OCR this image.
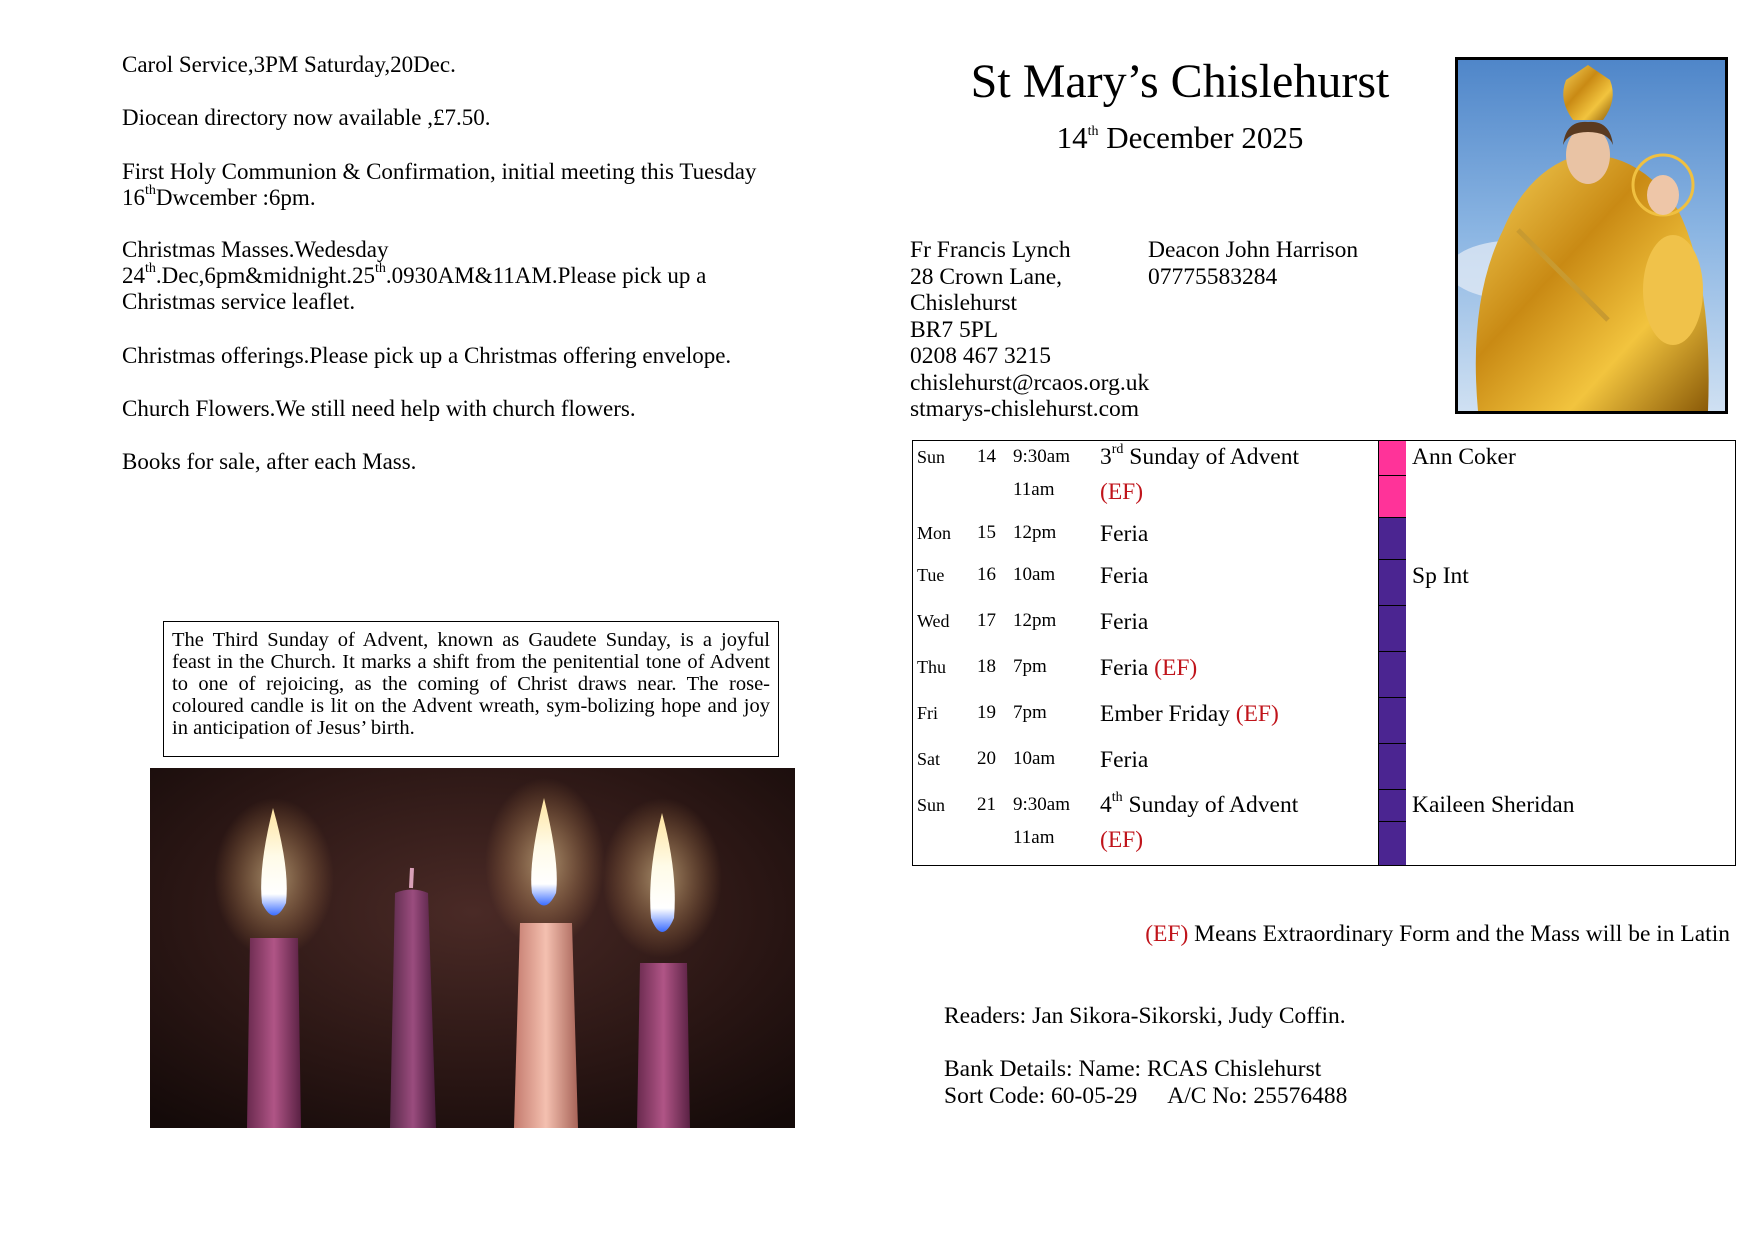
Carol Service,3PM Saturday,20Dec.
Diocean directory now available ,£7.50.
First Holy Communion & Confirmation, initial meeting this Tuesday
16thDwcember :6pm.
Christmas Masses.Wedesday
24th.Dec,6pm&midnight.25th.0930AM&11AM.Please pick up a
Christmas service leaflet.
Christmas offerings.Please pick up a Christmas offering envelope.
Church Flowers.We still need help with church flowers.
Books for sale, after each Mass.
The Third Sunday of Advent, known as Gaudete Sunday, is a joyful feast in the Church. It marks a shift from the penitential tone of Advent to one of rejoicing, as the coming of Christ draws near. The rose-coloured candle is lit on the Advent wreath, sym-bolizing hope and joy in anticipation of Jesus’ birth.
St Mary’s Chislehurst
14th December 2025
Fr Francis Lynch
28 Crown Lane,
Chislehurst
BR7 5PL
0208 467 3215
chislehurst@rcaos.org.uk
stmarys-chislehurst.com
Deacon John Harrison
07775583284
Sun 14 9:30am 3rd Sunday of Advent	Ann Coker
11am (EF)
Mon 15 12pm Feria
Tue 16 10am Feria	Sp Int
Wed 17 12pm Feria
Thu 18 7pm Feria (EF)
Fri 19 7pm Ember Friday (EF)
Sat 20 10am Feria
Sun 21 9:30am 4th Sunday of Advent	Kaileen Sheridan
11am (EF)
(EF) Means Extraordinary Form and the Mass will be in Latin
Readers: Jan Sikora-Sikorski, Judy Coffin.
Bank Details: Name: RCAS Chislehurst
Sort Code: 60-05-29 A/C No: 25576488
